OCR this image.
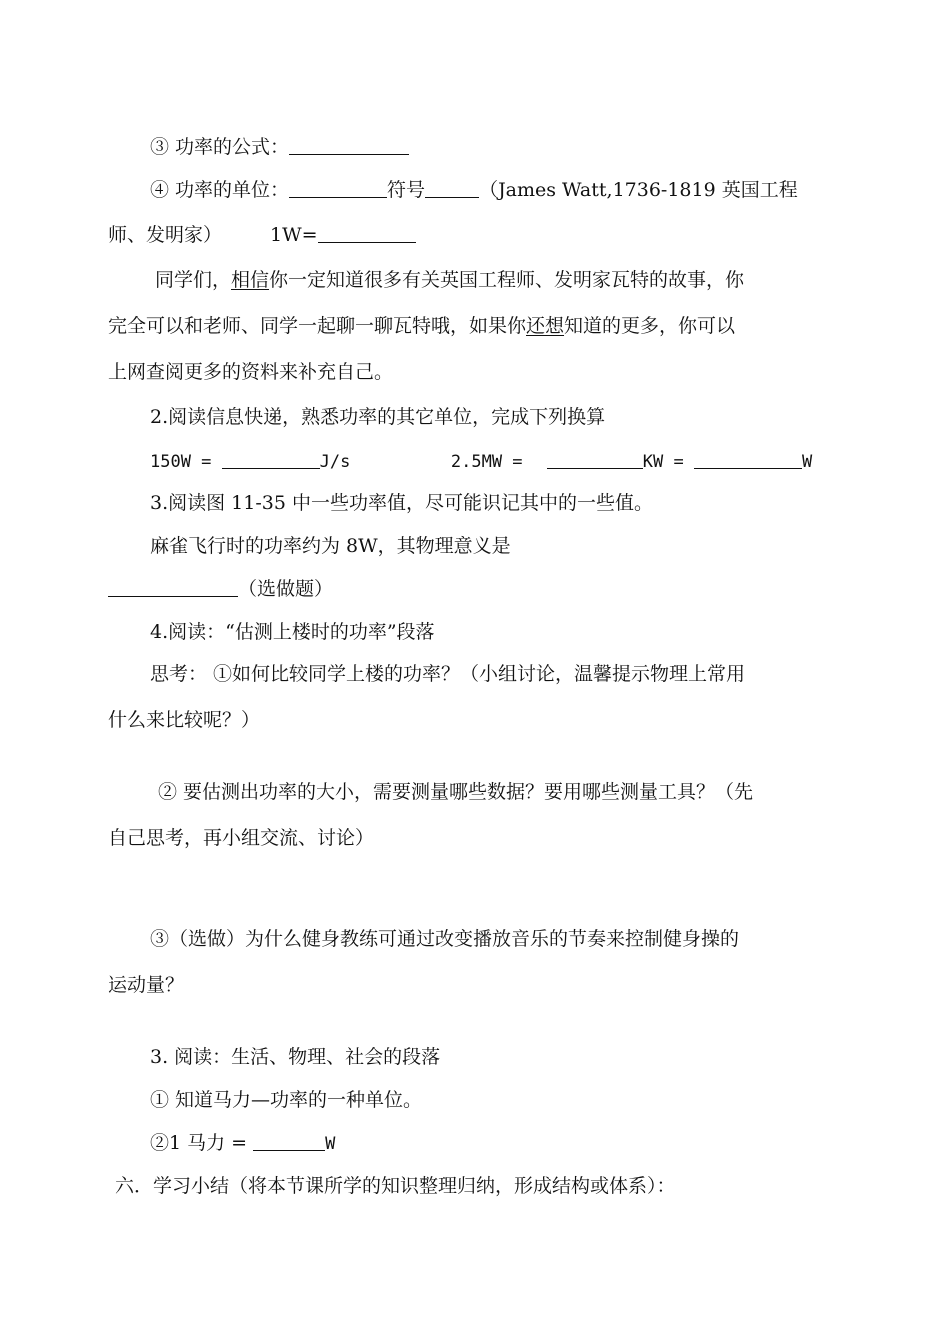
③ 功率的公式：
④ 功率的单位：	符号	（James Watt,1736-1819 英国工程
师、发明家）	1W=
同学们，相信你一定知道很多有关英国工程师、发明家瓦特的故事，你
完全可以和老师、同学一起聊一聊瓦特哦，如果你还想知道的更多，你可以
上网查阅更多的资料来补充自己。
2.阅读信息快递，熟悉功率的其它单位，完成下列换算
150W =	J/s	2.5MW =	KW =	W
3.阅读图 11-35 中一些功率值，尽可能识记其中的一些值。
麻雀飞行时的功率约为 8W，其物理意义是
（选做题）
4.阅读：“估测上楼时的功率”段落
思考： ①如何比较同学上楼的功率？（小组讨论，温馨提示物理上常用
什么来比较呢？）
② 要估测出功率的大小，需要测量哪些数据？要用哪些测量工具？（先
自己思考，再小组交流、讨论）
③（选做）为什么健身教练可通过改变播放音乐的节奏来控制健身操的
运动量？
3. 阅读：生活、物理、社会的段落
① 知道马力—功率的一种单位。
②1 马力 =	W
六．学习小结（将本节课所学的知识整理归纳，形成结构或体系）：
